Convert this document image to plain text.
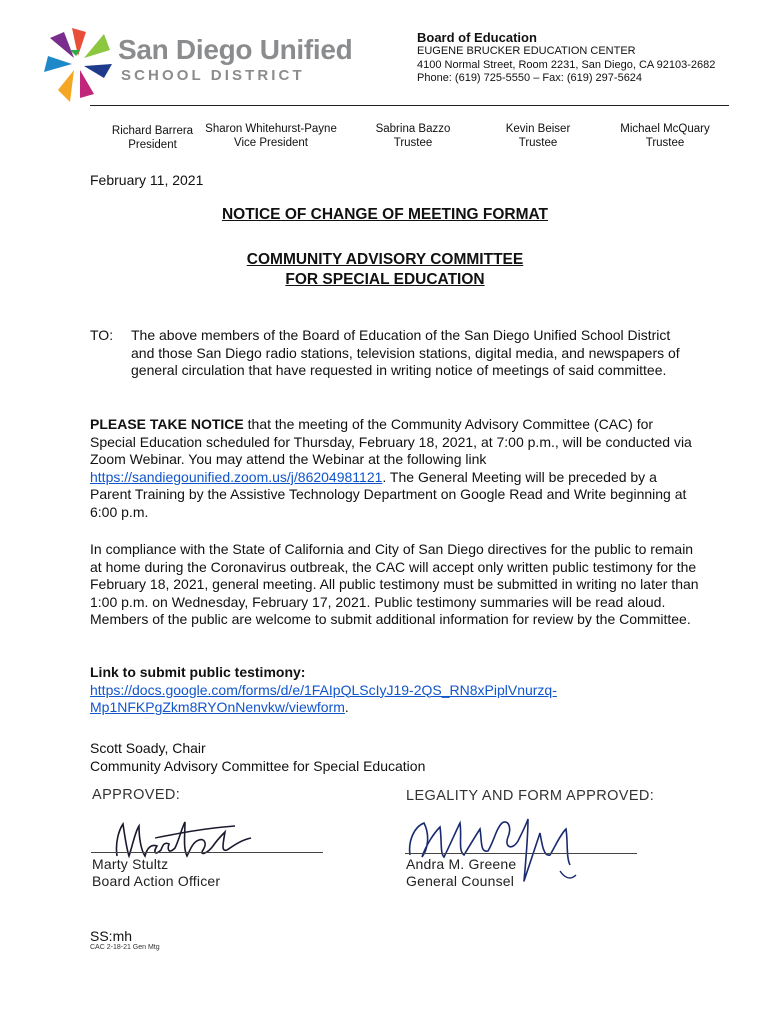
San Diego Unified
SCHOOL DISTRICT
Board of Education
EUGENE BRUCKER EDUCATION CENTER
4100 Normal Street, Room 2231, San Diego, CA 92103-2682
Phone: (619) 725-5550 – Fax: (619) 297-5624
Richard Barrera
President
Sharon Whitehurst-Payne
Vice President
Sabrina Bazzo
Trustee
Kevin Beiser
Trustee
Michael McQuary
Trustee
February 11, 2021
NOTICE OF CHANGE OF MEETING FORMAT
COMMUNITY ADVISORY COMMITTEE
FOR SPECIAL EDUCATION
TO: The above members of the Board of Education of the San Diego Unified School District and those San Diego radio stations, television stations, digital media, and newspapers of general circulation that have requested in writing notice of meetings of said committee.
PLEASE TAKE NOTICE that the meeting of the Community Advisory Committee (CAC) for Special Education scheduled for Thursday, February 18, 2021, at 7:00 p.m., will be conducted via Zoom Webinar. You may attend the Webinar at the following link https://sandiegounified.zoom.us/j/86204981121. The General Meeting will be preceded by a Parent Training by the Assistive Technology Department on Google Read and Write beginning at 6:00 p.m.
In compliance with the State of California and City of San Diego directives for the public to remain at home during the Coronavirus outbreak, the CAC will accept only written public testimony for the February 18, 2021, general meeting. All public testimony must be submitted in writing no later than 1:00 p.m. on Wednesday, February 17, 2021. Public testimony summaries will be read aloud. Members of the public are welcome to submit additional information for review by the Committee.
Link to submit public testimony:
https://docs.google.com/forms/d/e/1FAIpQLScIyJ19-2QS_RN8xPiplVnurzq-
Mp1NFKPgZkm8RYOnNenvkw/viewform.
Scott Soady, Chair
Community Advisory Committee for Special Education
APPROVED:	LEGALITY AND FORM APPROVED:
Marty Stultz
Board Action Officer
Andra M. Greene
General Counsel
SS:mh
CAC 2-18-21 Gen Mtg
